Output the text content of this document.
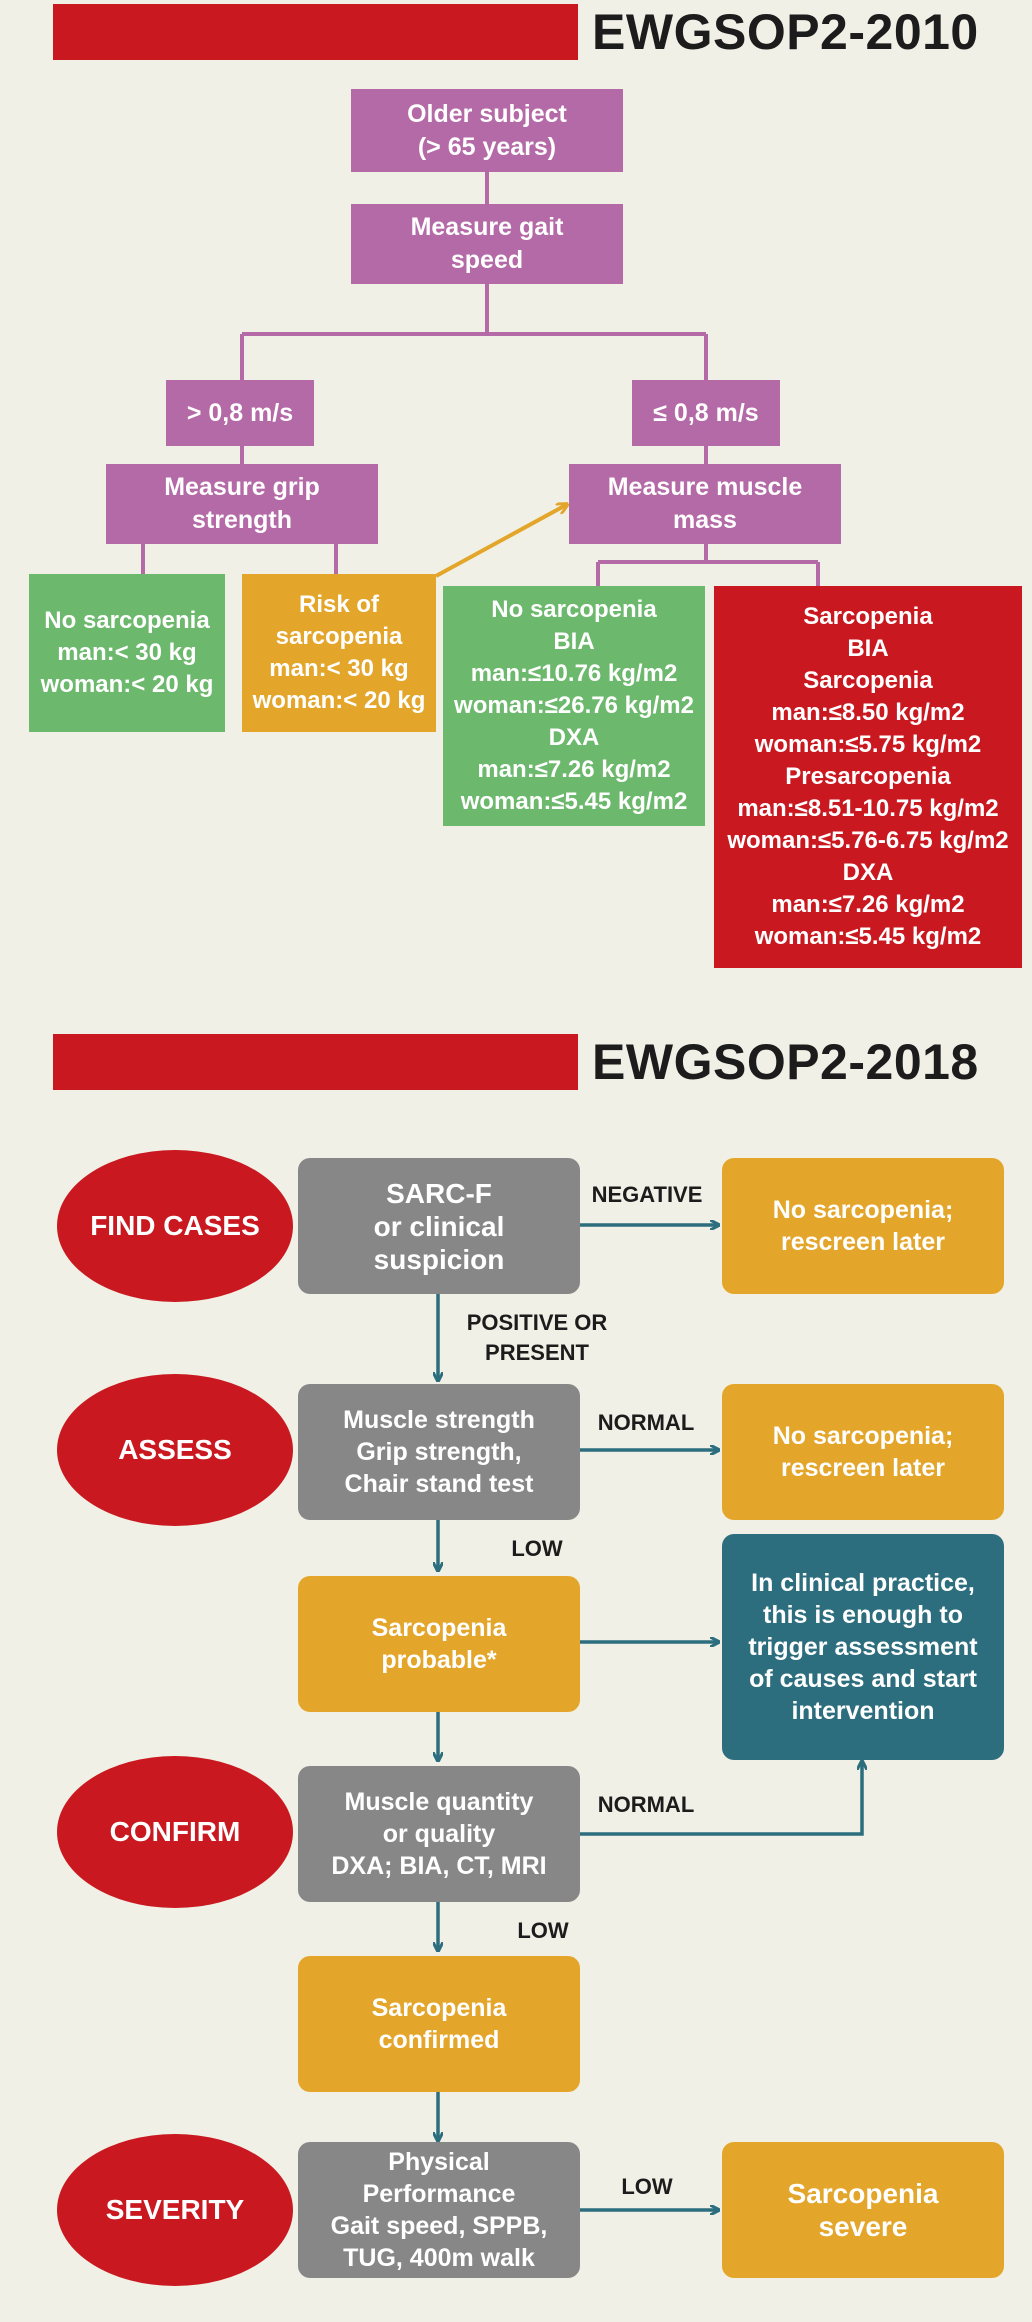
Algoritmo di diagnosi EWGSOP2-2010
Algoritmo di diagnosi EWGSOP2-2018
Older subject
(> 65 years)
Measure gait
speed
> 0,8 m/s	≤ 0,8 m/s
Measure grip
strength
Measure muscle
mass
No sarcopenia
man:< 30 kg
woman:< 20 kg
Risk of
sarcopenia
man:< 30 kg
woman:< 20 kg
No sarcopenia
BIA
man:≤10.76 kg/m2
woman:≤26.76 kg/m2
DXA
man:≤7.26 kg/m2
woman:≤5.45 kg/m2
Sarcopenia
BIA
Sarcopenia
man:≤8.50 kg/m2
woman:≤5.75 kg/m2
Presarcopenia
man:≤8.51-10.75 kg/m2
woman:≤5.76-6.75 kg/m2
DXA
man:≤7.26 kg/m2
woman:≤5.45 kg/m2
FIND CASES
ASSESS
CONFIRM
SEVERITY
SARC-F
or clinical
suspicion
Muscle strength
Grip strength,
Chair stand test
Sarcopenia
probable*
Muscle quantity
or quality
DXA; BIA, CT, MRI
Sarcopenia
confirmed
Physical
Performance
Gait speed, SPPB,
TUG, 400m walk
No sarcopenia;
rescreen later
No sarcopenia;
rescreen later
In clinical practice,
this is enough to
trigger assessment
of causes and start
intervention
Sarcopenia
severe
NEGATIVE
POSITIVE OR
PRESENT
NORMAL
LOW
NORMAL
LOW
LOW
